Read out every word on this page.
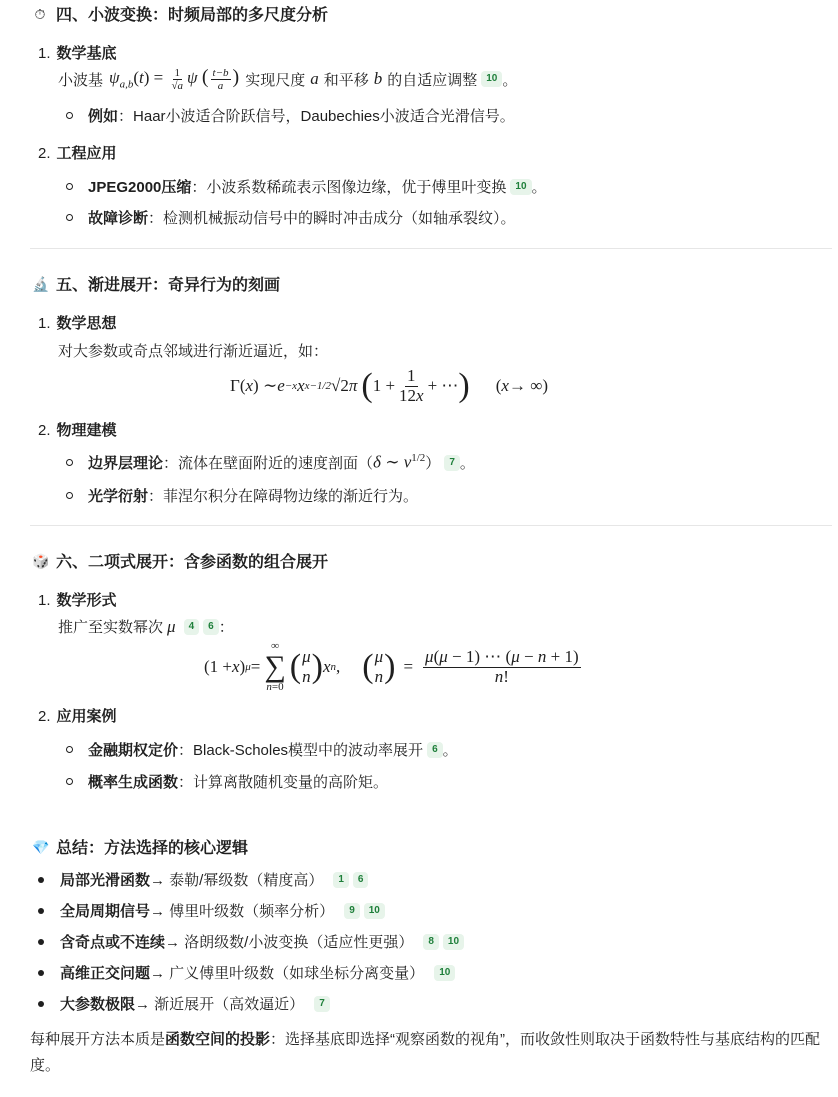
⏱ 四、小波变换：时频局部的多尺度分析
1. 数学基底
小波基 $\psi_{a,b}(t) = \frac{1}{√a}$ ψ ( $\frac{t-b}{a}$ ) 实现尺度 a 和平移 b 的自适应调整 10 。
例如 ：Haar小波适合阶跃信号，Daubechies小波适合光滑信号。
2. 工程应用
JPEG2000压缩 ：小波系数稀疏表示图像边缘，优于傅里叶变换 10 。
故障诊断 ：检测机械振动信号中的瞬时冲击成分（如轴承裂纹）。
🔬 五、渐进展开：奇异行为的刻画
1. 数学思想
对大参数或奇点邻域进行渐近逼近，如：
Γ( x ) ∼ e −x x x−1/2 √2 π ( $1 + \frac{1}{12x}$ + ⋯ ) ( x → ∞)
2. 物理建模
边界层理论 ：流体在壁面附近的速度剖面（ δ ∼ $\nu^{1/2}$ ） 7 。
光学衍射 ：菲涅尔积分在障碍物边缘的渐近行为。
🎲 六、二项式展开：含参函数的组合展开
1. 数学形式
推广至实数幂次 μ	4	6 ：
(1 + x ) μ =
∞
∑
n=0
( μ
n ) x n , ( μ
n ) = $\frac{\mu(\mu - 1) \cdots (\mu - n + 1)}{n!}$
2. 应用案例
金融期权定价 ：Black-Scholes模型中的波动率展开 6 。
概率生成函数 ：计算离散随机变量的高阶矩。
💎 总结：方法选择的核心逻辑
局部光滑函数 → 泰勒/幂级数（精度高）	1	6
全局周期信号 → 傅里叶级数（频率分析）	9	10
含奇点或不连续 → 洛朗级数/小波变换（适应性更强）	8	10
高维正交问题 → 广义傅里叶级数（如球坐标分离变量）	10
大参数极限 → 渐近展开（高效逼近）	7
每种展开方法本质是函数空间的投影：选择基底即选择“观察函数的视角”，而收敛性则取决于函数特性与基底结构的匹配度。
